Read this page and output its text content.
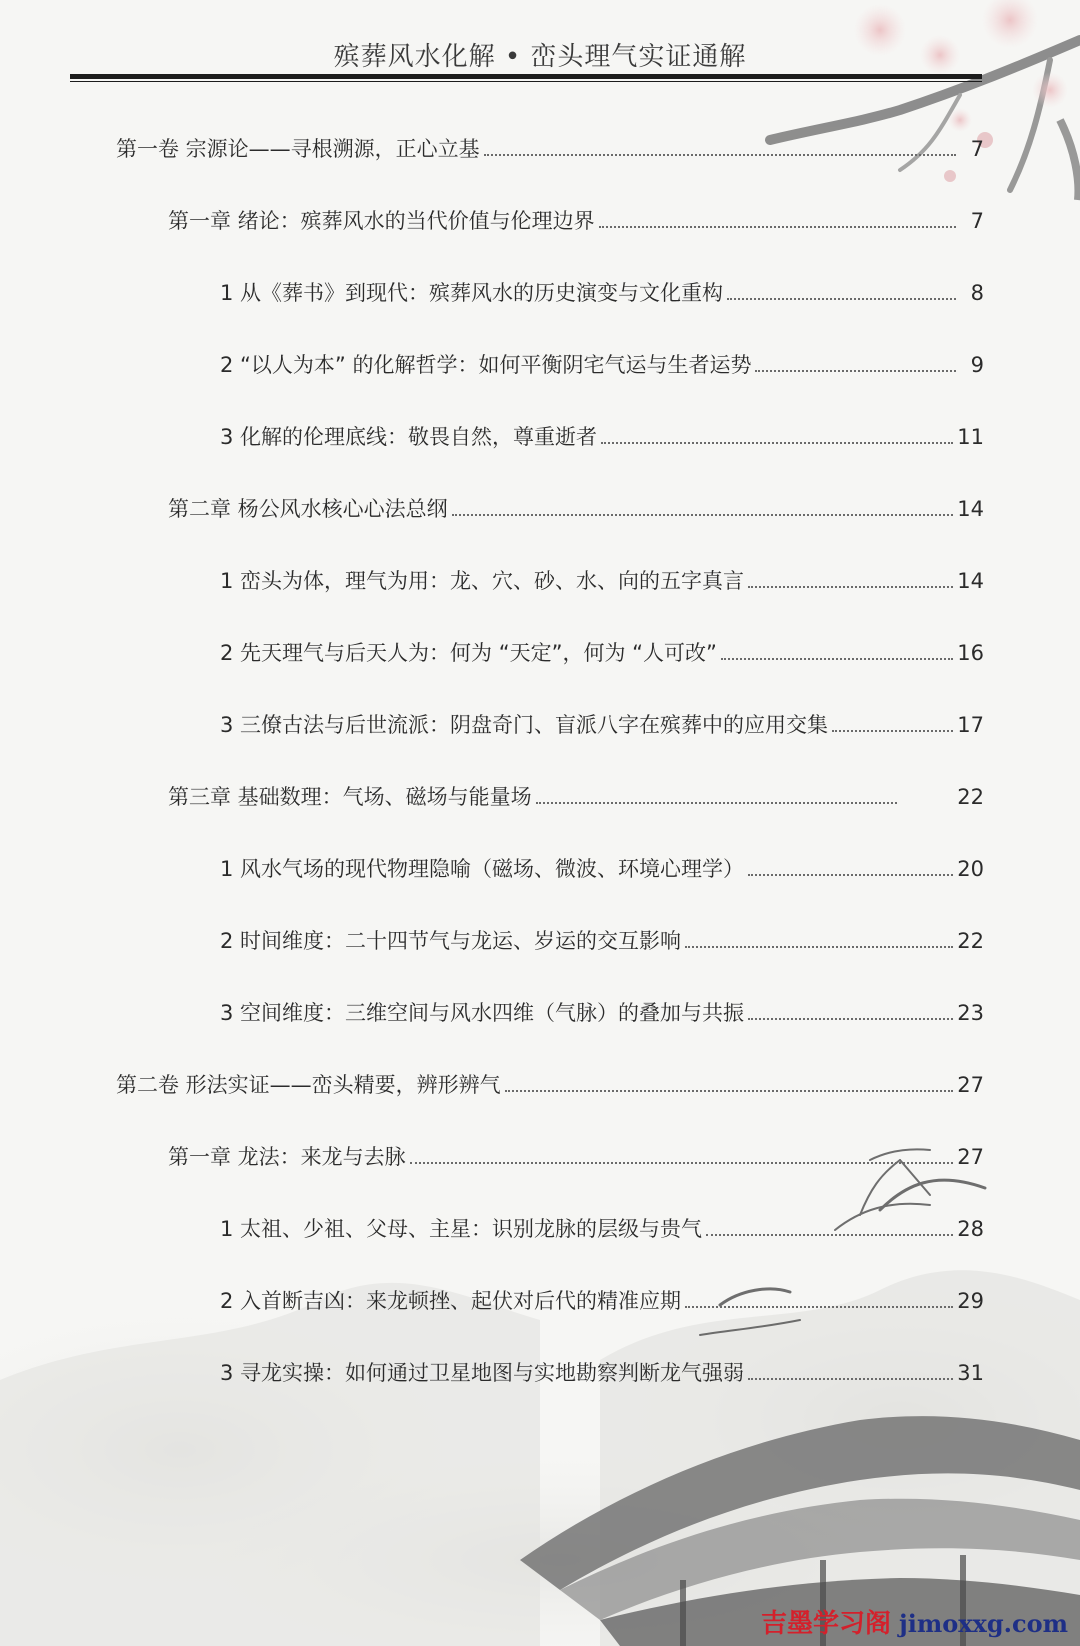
殡葬风水化解 • 峦头理气实证通解
第一卷 宗源论——寻根溯源，正心立基	7
第一章 绪论：殡葬风水的当代价值与伦理边界	7
1 从《葬书》到现代：殡葬风水的历史演变与文化重构	8
2 “以人为本” 的化解哲学：如何平衡阴宅气运与生者运势	9
3 化解的伦理底线：敬畏自然，尊重逝者	11
第二章 杨公风水核心心法总纲	14
1 峦头为体，理气为用：龙、穴、砂、水、向的五字真言	14
2 先天理气与后天人为：何为 “天定”，何为 “人可改”	16
3 三僚古法与后世流派：阴盘奇门、盲派八字在殡葬中的应用交集	17
第三章 基础数理：气场、磁场与能量场	22
1 风水气场的现代物理隐喻（磁场、微波、环境心理学）	20
2 时间维度：二十四节气与龙运、岁运的交互影响	22
3 空间维度：三维空间与风水四维（气脉）的叠加与共振	23
第二卷 形法实证——峦头精要，辨形辨气	27
第一章 龙法：来龙与去脉	27
1 太祖、少祖、父母、主星：识别龙脉的层级与贵气	28
2 入首断吉凶：来龙顿挫、起伏对后代的精准应期	29
3 寻龙实操：如何通过卫星地图与实地勘察判断龙气强弱	31
吉墨学习阁 jimoxxg.com
